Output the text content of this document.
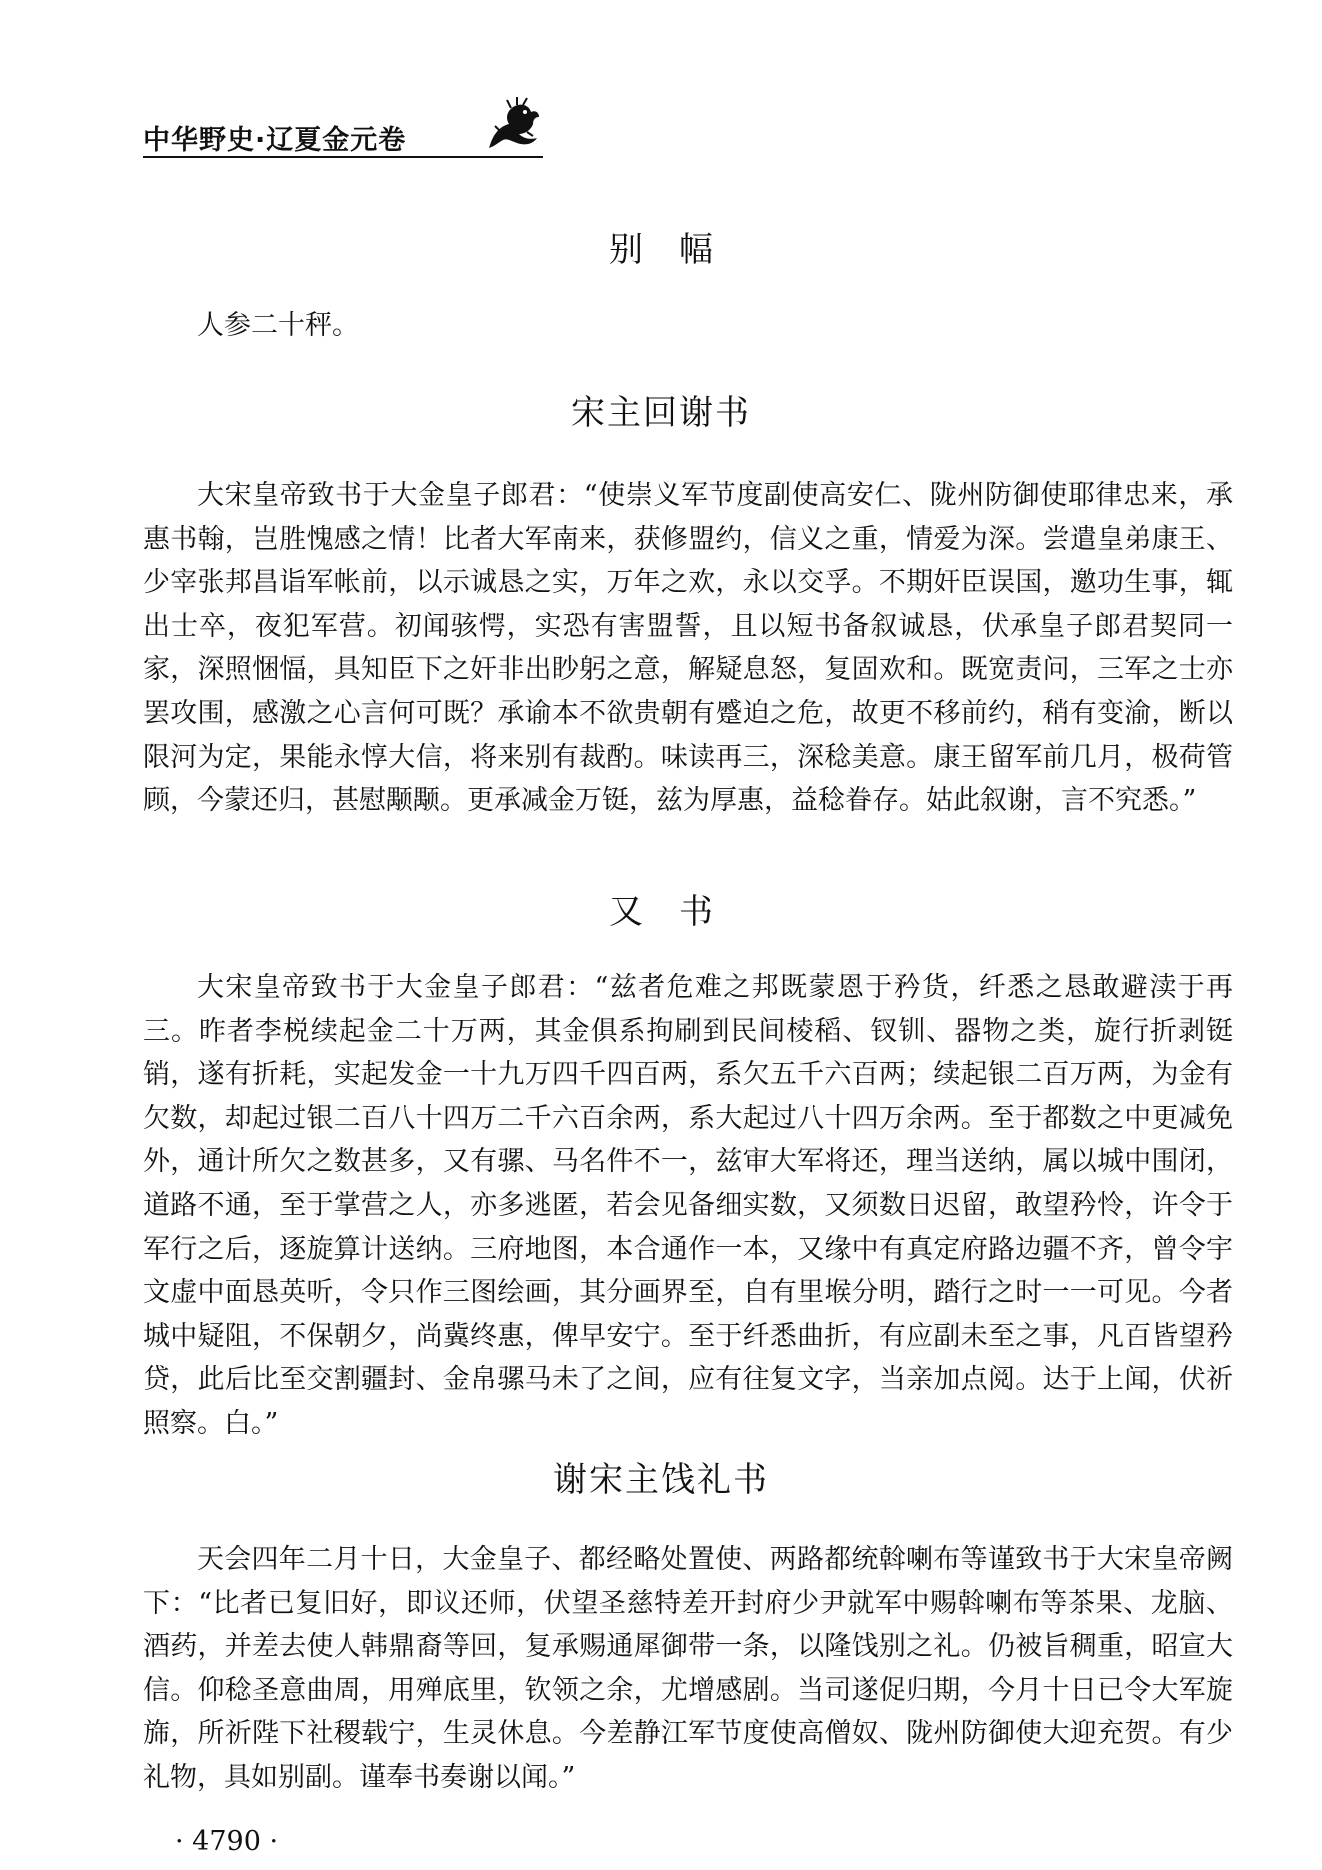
中华野史·辽夏金元卷
别幅

人参二十秤。

宋主回谢书

大宋皇帝致书于大金皇子郎君：“使崇义军节度副使高安仁、陇州防御使耶律忠来，承惠书翰，岂胜愧感之情！比者大军南来，获修盟约，信义之重，情爱为深。尝遣皇弟康王、少宰张邦昌诣军帐前，以示诚恳之实，万年之欢，永以交孚。不期奸臣误国，邀功生事，辄出士卒，夜犯军营。初闻骇愕，实恐有害盟誓，且以短书备叙诚恳，伏承皇子郎君契同一家，深照悃愊，具知臣下之奸非出眇躬之意，解疑息怒，复固欢和。既宽责问，三军之士亦罢攻围，感激之心言何可既？承谕本不欲贵朝有蹙迫之危，故更不移前约，稍有变渝，断以限河为定，果能永惇大信，将来别有裁酌。味读再三，深稔美意。康王留军前几月，极荷管顾，今蒙还归，甚慰颙颙。更承减金万铤，兹为厚惠，益稔眷存。姑此叙谢，言不究悉。”

又书

大宋皇帝致书于大金皇子郎君：“兹者危难之邦既蒙恩于矜货，纤悉之恳敢避渎于再三。昨者李棁续起金二十万两，其金俱系拘刷到民间棱稻、钗钏、器物之类，旋行折剥铤销，遂有折耗，实起发金一十九万四千四百两，系欠五千六百两；续起银二百万两，为金有欠数，却起过银二百八十四万二千六百余两，系大起过八十四万余两。至于都数之中更减免外，通计所欠之数甚多，又有骡、马名件不一，兹审大军将还，理当送纳，属以城中围闭，道路不通，至于掌营之人，亦多逃匿，若会见备细实数，又须数日迟留，敢望矜怜，许令于军行之后，逐旋算计送纳。三府地图，本合通作一本，又缘中有真定府路边疆不齐，曾令宇文虚中面恳英听，令只作三图绘画，其分画界至，自有里堠分明，踏行之时一一可见。今者城中疑阻，不保朝夕，尚冀终惠，俾早安宁。至于纤悉曲折，有应副未至之事，凡百皆望矜贷，此后比至交割疆封、金帛骡马未了之间，应有往复文字，当亲加点阅。达于上闻，伏祈照察。白。”

谢宋主饯礼书

天会四年二月十日，大金皇子、都经略处置使、两路都统斡喇布等谨致书于大宋皇帝阙下：“比者已复旧好，即议还师，伏望圣慈特差开封府少尹就军中赐斡喇布等茶果、龙脑、酒药，并差去使人韩鼎裔等回，复承赐通犀御带一条，以隆饯别之礼。仍被旨稠重，昭宣大信。仰稔圣意曲周，用殚底里，钦领之余，尤增感剧。当司遂促归期，今月十日已令大军旋旆，所祈陛下社稷载宁，生灵休息。今差静江军节度使高僧奴、陇州防御使大迎充贺。有少礼物，具如别副。谨奉书奏谢以闻。”

· 4790 ·
